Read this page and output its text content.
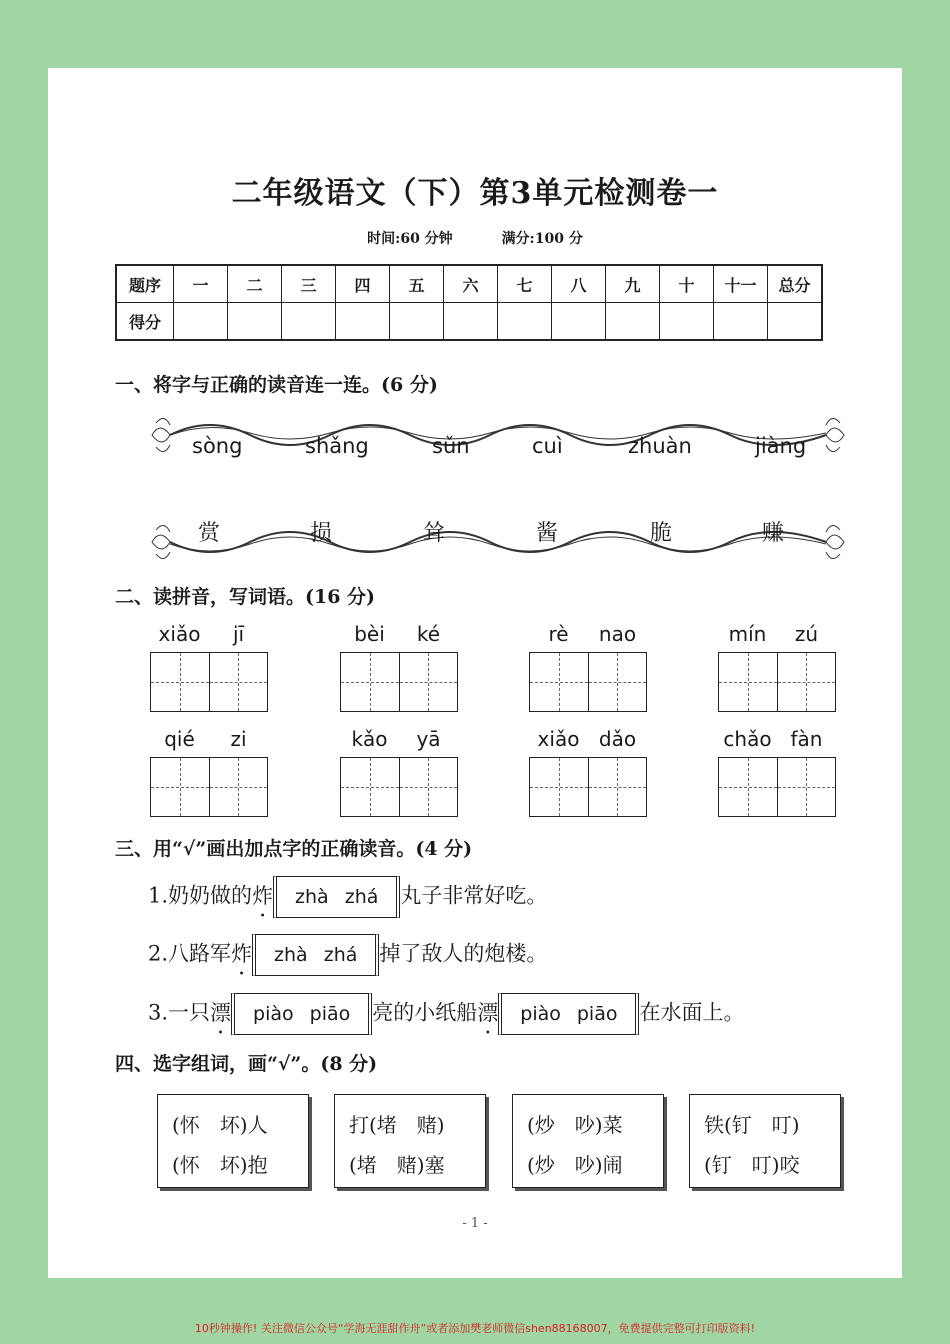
二年级语文（下）第3单元检测卷一
时间:60 分钟	满分:100 分
题序	一	二	三	四	五	六	七	八	九	十	十一	总分
得分												
一、将字与正确的读音连一连。(6 分)
sòng	shǎng	sǔn	cuì	zhuàn	jiàng
赏	损	耸	酱	脆	赚
二、读拼音，写词语。(16 分)
xiǎo	jī	bèi	ké	rè	nao	mín	zú
qié	zi	kǎo	yā	xiǎo dǎo	chǎo fàn
三、用“√”画出加点字的正确读音。(4 分)
1.奶奶做的炸 zhà zhá 丸子非常好吃。
2.八路军炸 zhà zhá 掉了敌人的炮楼。
3.一只漂 piào piāo 亮的小纸船漂 piào piāo 在水面上。
四、选字组词，画“√”。(8 分)
(怀　坏)人
(怀　坏)抱
打(堵　赌)
(堵　赌)塞
(炒　吵)菜
(炒　吵)闹
铁(钉　叮)
(钉　叮)咬
- 1 -
10秒钟操作! 关注微信公众号“学海无涯甜作舟”或者添加樊老师微信shen88168007，免费提供完整可打印版资料!
